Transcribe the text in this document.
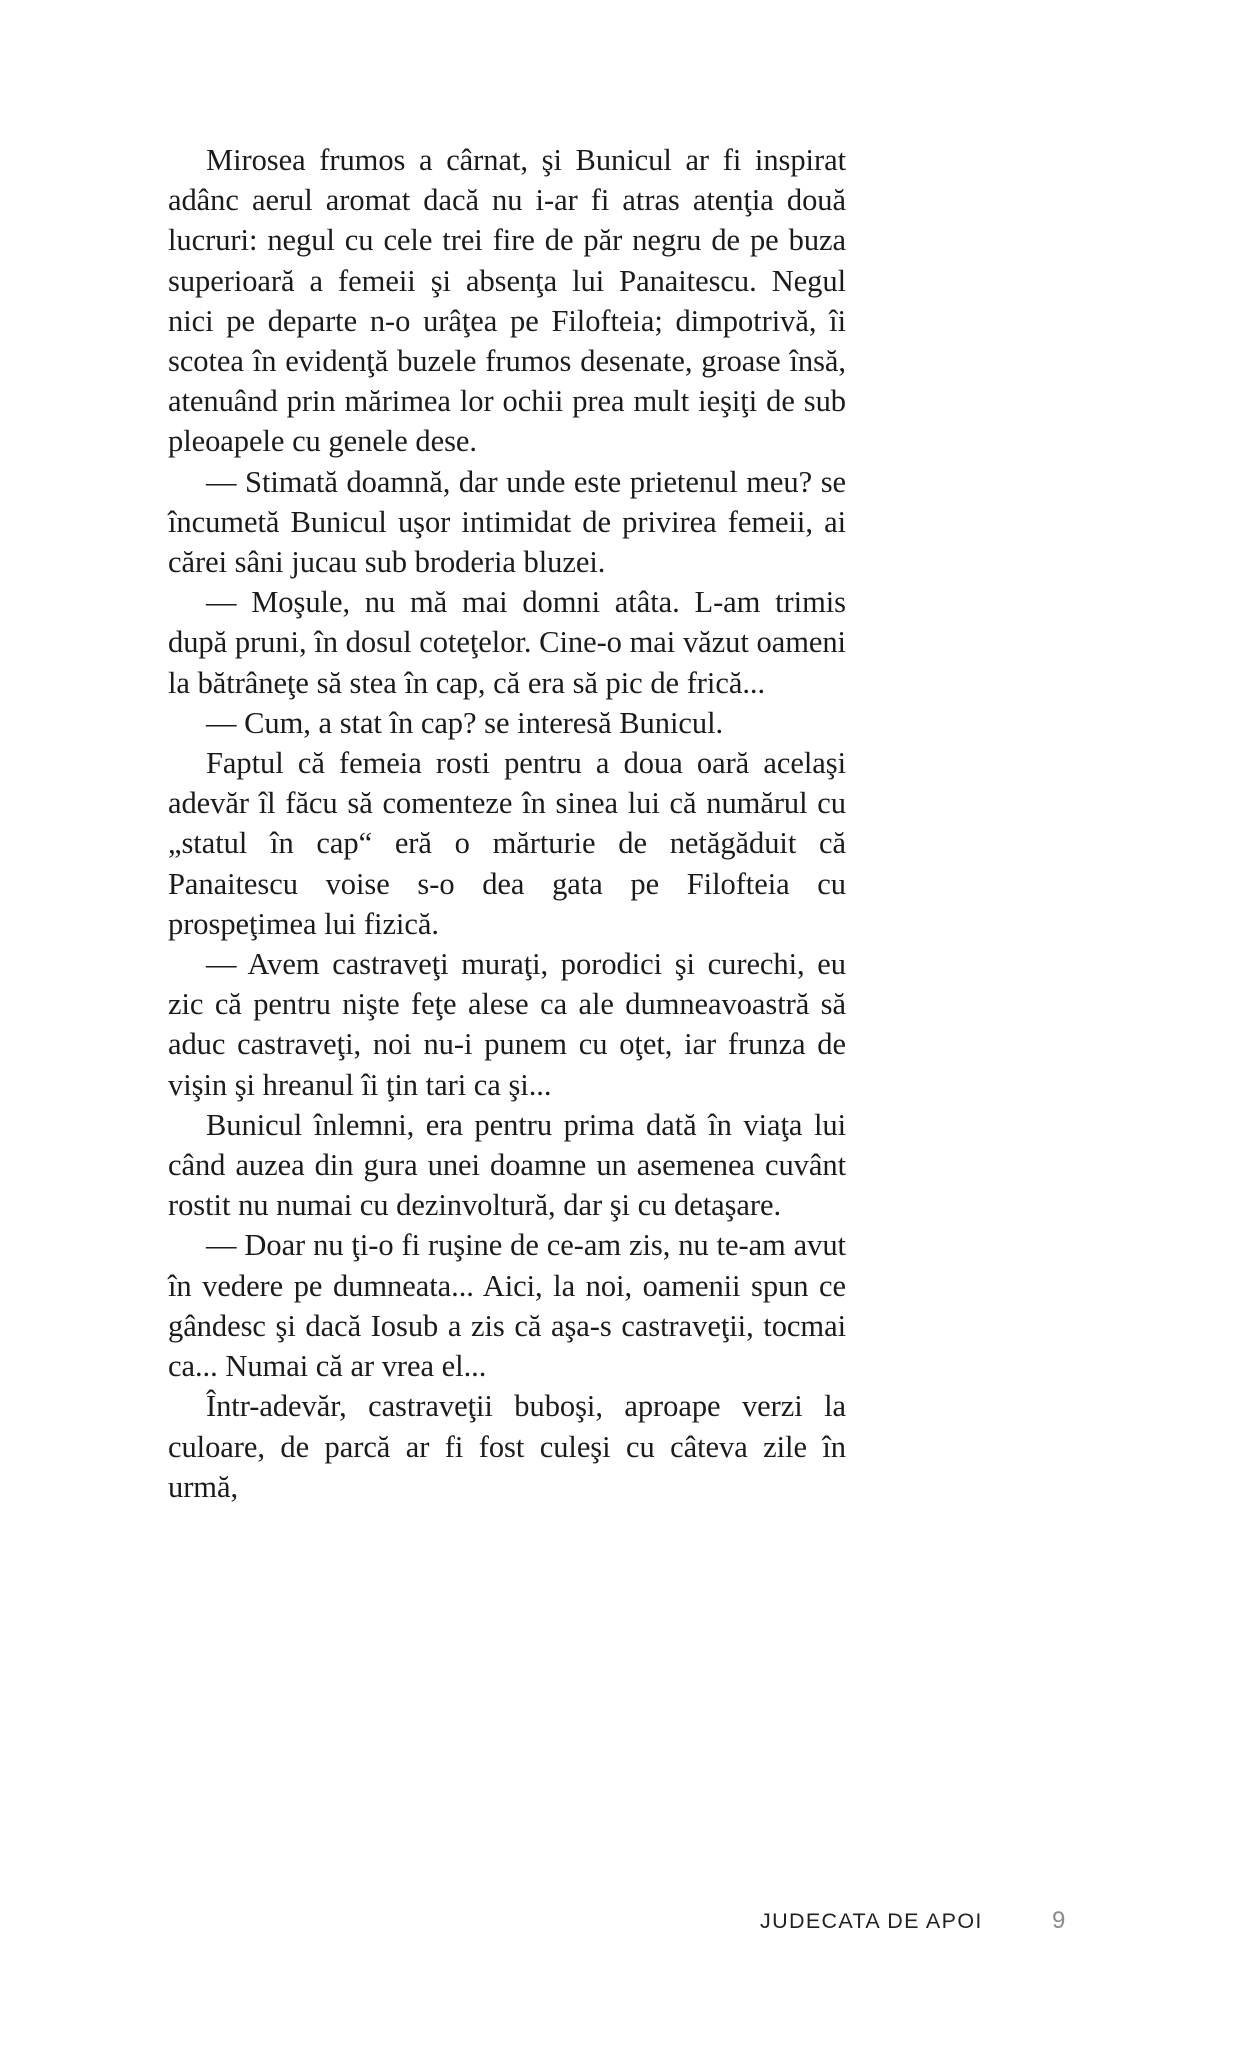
Mirosea frumos a cârnat, şi Bunicul ar fi inspirat adânc aerul aromat dacă nu i-ar fi atras atenţia două lucruri: negul cu cele trei fire de păr negru de pe buza superioară a femeii şi absenţa lui Panaitescu. Negul nici pe departe n-o urâţea pe Filofteia; dimpotrivă, îi scotea în evidenţă buzele frumos desenate, groase însă, atenuând prin mărimea lor ochii prea mult ieşiţi de sub pleoapele cu genele dese.

— Stimată doamnă, dar unde este prietenul meu? se încumetă Bunicul uşor intimidat de privirea femeii, ai cărei sâni jucau sub broderia bluzei.

— Moşule, nu mă mai domni atâta. L-am trimis după pruni, în dosul coteţelor. Cine-o mai văzut oameni la bătrâneţe să stea în cap, că era să pic de frică...

— Cum, a stat în cap? se interesă Bunicul.

Faptul că femeia rosti pentru a doua oară acelaşi adevăr îl făcu să comenteze în sinea lui că numărul cu „statul în cap“ eră o mărturie de netăgăduit că Panaitescu voise s-o dea gata pe Filofteia cu prospeţimea lui fizică.

— Avem castraveţi muraţi, porodici şi curechi, eu zic că pentru nişte feţe alese ca ale dumneavoastră să aduc castraveţi, noi nu-i punem cu oţet, iar frunza de vişin şi hreanul îi ţin tari ca şi...

Bunicul înlemni, era pentru prima dată în viaţa lui când auzea din gura unei doamne un asemenea cuvânt rostit nu numai cu dezinvoltură, dar şi cu detaşare.

— Doar nu ţi-o fi ruşine de ce-am zis, nu te-am avut în vedere pe dumneata... Aici, la noi, oamenii spun ce gândesc şi dacă Iosub a zis că aşa-s castraveţii, tocmai ca... Numai că ar vrea el...

Într-adevăr, castraveţii buboşi, aproape verzi la culoare, de parcă ar fi fost culeşi cu câteva zile în urmă,

JUDECATA DE APOI	9
